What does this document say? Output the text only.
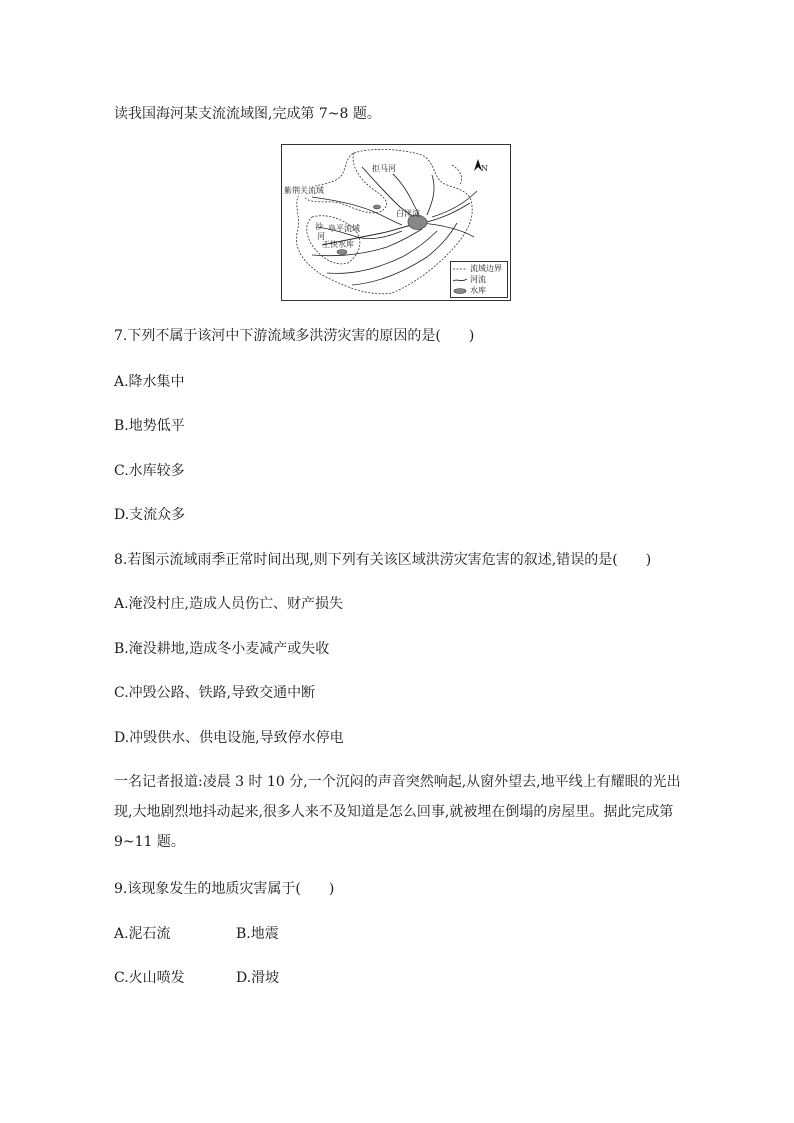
读我国海河某支流流域图,完成第 7~8 题。
拒马河
紫荆关流域
白洋淀
沙
河
阜平流域
王快水库
N
流域边界
河流
水库
7.下列不属于该河中下游流域多洪涝灾害的原因的是(　　)
A.降水集中
B.地势低平
C.水库较多
D.支流众多
8.若图示流域雨季正常时间出现,则下列有关该区域洪涝灾害危害的叙述,错误的是(　　)
A.淹没村庄,造成人员伤亡、财产损失
B.淹没耕地,造成冬小麦减产或失收
C.冲毁公路、铁路,导致交通中断
D.冲毁供水、供电设施,导致停水停电
一名记者报道:凌晨 3 时 10 分,一个沉闷的声音突然响起,从窗外望去,地平线上有耀眼的光出现,大地剧烈地抖动起来,很多人来不及知道是怎么回事,就被埋在倒塌的房屋里。据此完成第 9~11 题。
9.该现象发生的地质灾害属于(　　)
A.泥石流	B.地震
C.火山喷发	D.滑坡
